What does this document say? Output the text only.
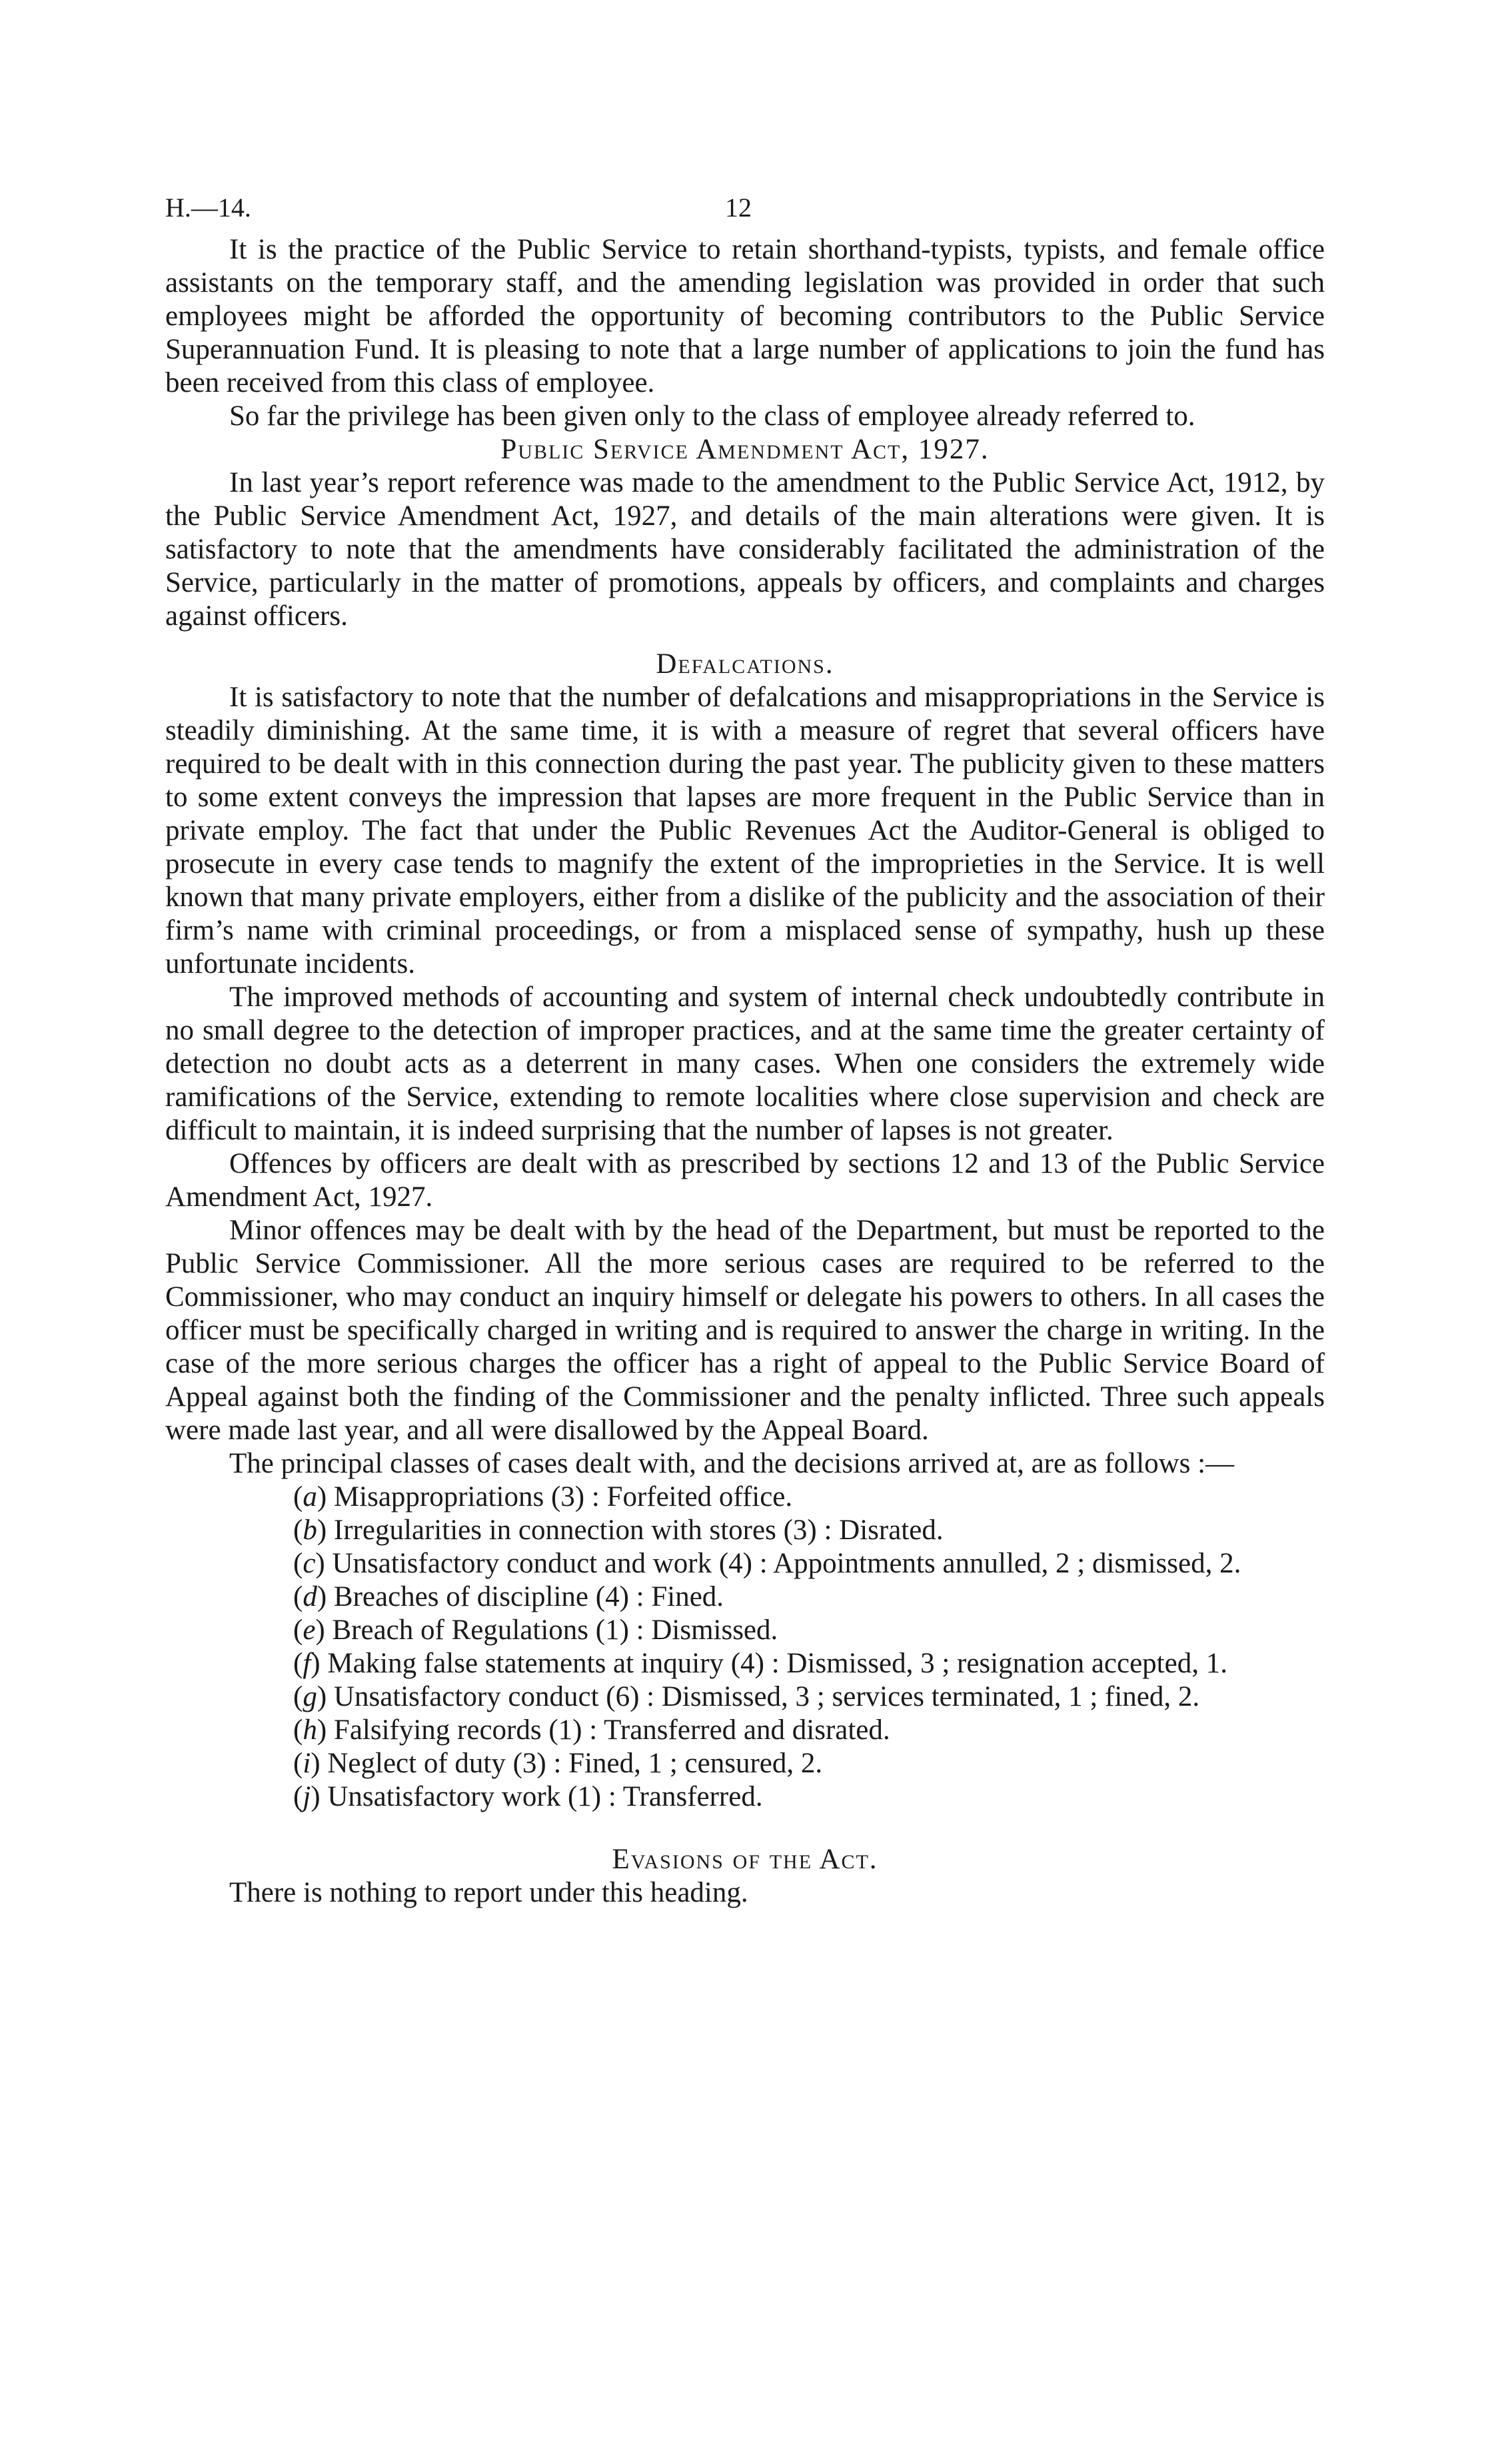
H.—14.	12

It is the practice of the Public Service to retain shorthand-typists, typists, and female office assistants on the temporary staff, and the amending legislation was provided in order that such employees might be afforded the opportunity of becoming contributors to the Public Service Superannuation Fund. It is pleasing to note that a large number of applications to join the fund has been received from this class of employee.

So far the privilege has been given only to the class of employee already referred to.

Public Service Amendment Act, 1927.

In last year’s report reference was made to the amendment to the Public Service Act, 1912, by the Public Service Amendment Act, 1927, and details of the main alterations were given. It is satisfactory to note that the amendments have considerably facilitated the administration of the Service, particularly in the matter of promotions, appeals by officers, and complaints and charges against officers.

Defalcations.

It is satisfactory to note that the number of defalcations and misappropriations in the Service is steadily diminishing. At the same time, it is with a measure of regret that several officers have required to be dealt with in this connection during the past year. The publicity given to these matters to some extent conveys the impression that lapses are more frequent in the Public Service than in private employ. The fact that under the Public Revenues Act the Auditor-General is obliged to prosecute in every case tends to magnify the extent of the improprieties in the Service. It is well known that many private employers, either from a dislike of the publicity and the association of their firm’s name with criminal proceedings, or from a misplaced sense of sympathy, hush up these unfortunate incidents.

The improved methods of accounting and system of internal check undoubtedly contribute in no small degree to the detection of improper practices, and at the same time the greater certainty of detection no doubt acts as a deterrent in many cases. When one considers the extremely wide ramifications of the Service, extending to remote localities where close supervision and check are difficult to maintain, it is indeed surprising that the number of lapses is not greater.

Offences by officers are dealt with as prescribed by sections 12 and 13 of the Public Service Amendment Act, 1927.

Minor offences may be dealt with by the head of the Department, but must be reported to the Public Service Commissioner. All the more serious cases are required to be referred to the Commissioner, who may conduct an inquiry himself or delegate his powers to others. In all cases the officer must be specifically charged in writing and is required to answer the charge in writing. In the case of the more serious charges the officer has a right of appeal to the Public Service Board of Appeal against both the finding of the Commissioner and the penalty inflicted. Three such appeals were made last year, and all were disallowed by the Appeal Board.

The principal classes of cases dealt with, and the decisions arrived at, are as follows :—

(a) Misappropriations (3) : Forfeited office.
(b) Irregularities in connection with stores (3) : Disrated.
(c) Unsatisfactory conduct and work (4) : Appointments annulled, 2 ; dismissed, 2.
(d) Breaches of discipline (4) : Fined.
(e) Breach of Regulations (1) : Dismissed.
(f) Making false statements at inquiry (4) : Dismissed, 3 ; resignation accepted, 1.
(g) Unsatisfactory conduct (6) : Dismissed, 3 ; services terminated, 1 ; fined, 2.
(h) Falsifying records (1) : Transferred and disrated.
(i) Neglect of duty (3) : Fined, 1 ; censured, 2.
(j) Unsatisfactory work (1) : Transferred.
Evasions of the Act.

There is nothing to report under this heading.
